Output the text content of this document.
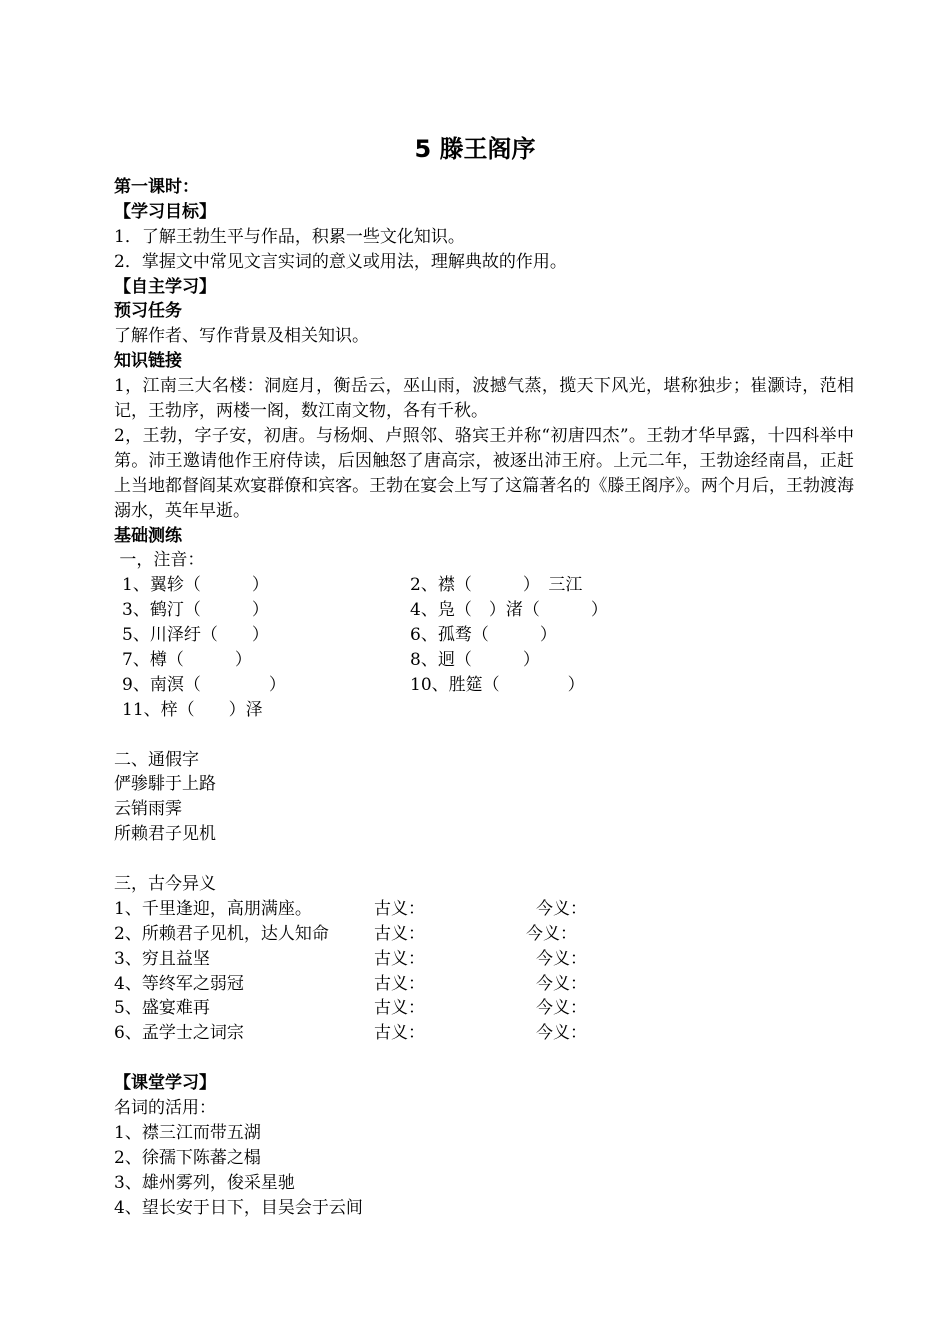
5 滕王阁序
第一课时：
【学习目标】
1．了解王勃生平与作品，积累一些文化知识。
2．掌握文中常见文言实词的意义或用法，理解典故的作用。
【自主学习】
预习任务
了解作者、写作背景及相关知识。
知识链接
1，江南三大名楼：洞庭月，衡岳云，巫山雨，波撼气蒸，揽天下风光，堪称独步；崔灏诗，范相记，王勃序，两楼一阁，数江南文物，各有千秋。
2，王勃，字子安，初唐。与杨炯、卢照邻、骆宾王并称“初唐四杰”。王勃才华早露，十四科举中第。沛王邀请他作王府侍读，后因触怒了唐高宗，被逐出沛王府。上元二年，王勃途经南昌，正赶上当地都督阎某欢宴群僚和宾客。王勃在宴会上写了这篇著名的《滕王阁序》。两个月后，王勃渡海溺水，英年早逝。
基础测练
一，注音：
1、翼轸（　　　）	2、襟（　　　）　三江
3、鹤汀（　　　）	4、凫（　）渚（　　　）
5、川泽纡（　　）	6、孤骛（　　　）
7、樽（　　　）	8、迥（　　　）
9、南溟（　　　　）	10、胜筵（　　　　）
11、梓（　　）泽
二、通假字
俨骖騑于上路
云销雨霁
所赖君子见机
三，古今异义
1、千里逢迎，高朋满座。	古义：	今义：
2、所赖君子见机，达人知命	古义：	今义：
3、穷且益坚	古义：	今义：
4、等终军之弱冠	古义：	今义：
5、盛宴难再	古义：	今义：
6、孟学士之词宗	古义：	今义：
【课堂学习】
名词的活用：
1、襟三江而带五湖
2、徐孺下陈蕃之榻
3、雄州雾列，俊采星驰
4、望长安于日下，目吴会于云间
